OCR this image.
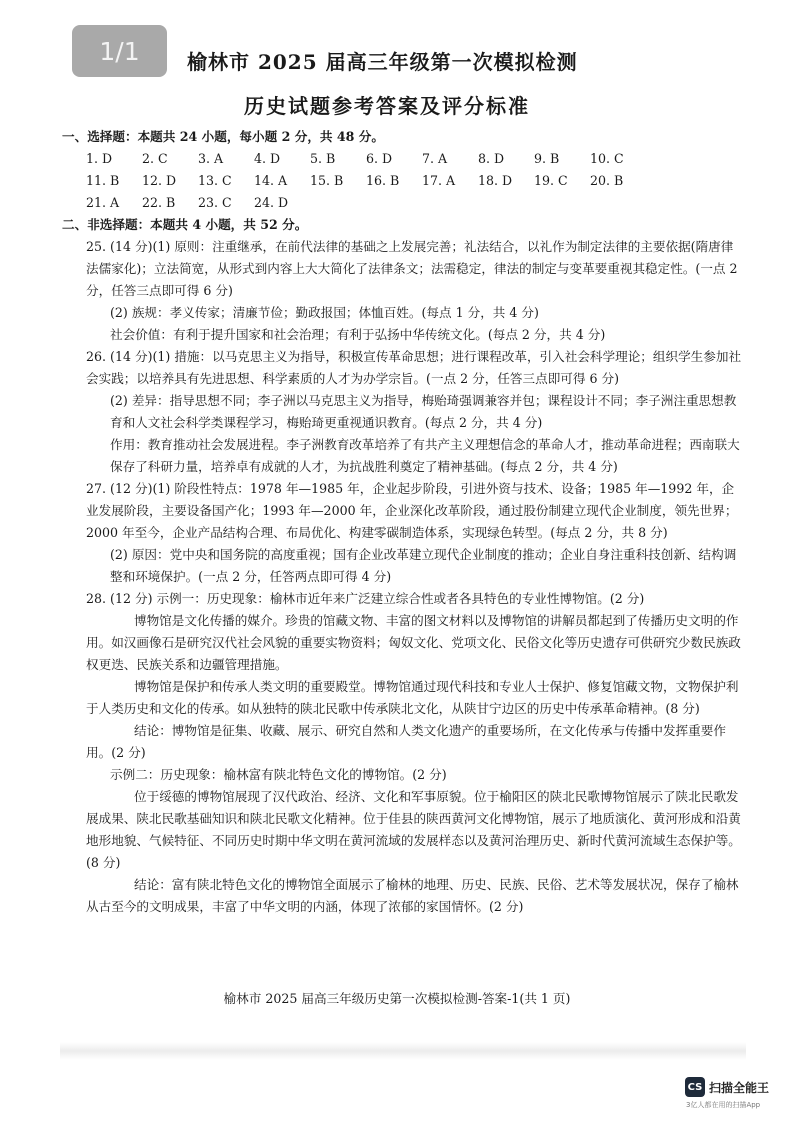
1/1	榆林市 2025 届高三年级第一次模拟检测
历史试题参考答案及评分标准
一、选择题：本题共 24 小题，每小题 2 分，共 48 分。
1. D	2. C	3. A	4. D	5. B	6. D	7. A	8. D	9. B	10. C
11. B	12. D	13. C	14. A	15. B	16. B	17. A	18. D	19. C	20. B
21. A	22. B	23. C	24. D
二、非选择题：本题共 4 小题，共 52 分。

25. (14 分)(1) 原则：注重继承，在前代法律的基础之上发展完善；礼法结合，以礼作为制定法律的主要依据(隋唐律法儒家化)；立法简宽，从形式到内容上大大简化了法律条文；法需稳定，律法的制定与变革要重视其稳定性。(一点 2 分，任答三点即可得 6 分)

(2) 族规：孝义传家；清廉节俭；勤政报国；体恤百姓。(每点 1 分，共 4 分)

社会价值：有利于提升国家和社会治理；有利于弘扬中华传统文化。(每点 2 分，共 4 分)

26. (14 分)(1) 措施：以马克思主义为指导，积极宣传革命思想；进行课程改革，引入社会科学理论；组织学生参加社会实践；以培养具有先进思想、科学素质的人才为办学宗旨。(一点 2 分，任答三点即可得 6 分)

(2) 差异：指导思想不同；李子洲以马克思主义为指导，梅贻琦强调兼容并包；课程设计不同；李子洲注重思想教育和人文社会科学类课程学习，梅贻琦更重视通识教育。(每点 2 分，共 4 分)

作用：教育推动社会发展进程。李子洲教育改革培养了有共产主义理想信念的革命人才，推动革命进程；西南联大保存了科研力量，培养卓有成就的人才，为抗战胜利奠定了精神基础。(每点 2 分，共 4 分)

27. (12 分)(1) 阶段性特点：1978 年—1985 年，企业起步阶段，引进外资与技术、设备；1985 年—1992 年，企业发展阶段，主要设备国产化；1993 年—2000 年，企业深化改革阶段，通过股份制建立现代企业制度，领先世界；2000 年至今，企业产品结构合理、布局优化、构建零碳制造体系，实现绿色转型。(每点 2 分，共 8 分)

(2) 原因：党中央和国务院的高度重视；国有企业改革建立现代企业制度的推动；企业自身注重科技创新、结构调整和环境保护。(一点 2 分，任答两点即可得 4 分)

28. (12 分) 示例一：历史现象：榆林市近年来广泛建立综合性或者各具特色的专业性博物馆。(2 分)

博物馆是文化传播的媒介。珍贵的馆藏文物、丰富的图文材料以及博物馆的讲解员都起到了传播历史文明的作用。如汉画像石是研究汉代社会风貌的重要实物资料；匈奴文化、党项文化、民俗文化等历史遗存可供研究少数民族政权更迭、民族关系和边疆管理措施。

博物馆是保护和传承人类文明的重要殿堂。博物馆通过现代科技和专业人士保护、修复馆藏文物，文物保护利于人类历史和文化的传承。如从独特的陕北民歌中传承陕北文化，从陕甘宁边区的历史中传承革命精神。(8 分)

结论：博物馆是征集、收藏、展示、研究自然和人类文化遗产的重要场所，在文化传承与传播中发挥重要作用。(2 分)

示例二：历史现象：榆林富有陕北特色文化的博物馆。(2 分)

位于绥德的博物馆展现了汉代政治、经济、文化和军事原貌。位于榆阳区的陕北民歌博物馆展示了陕北民歌发展成果、陕北民歌基础知识和陕北民歌文化精神。位于佳县的陕西黄河文化博物馆，展示了地质演化、黄河形成和沿黄地形地貌、气候特征、不同历史时期中华文明在黄河流域的发展样态以及黄河治理历史、新时代黄河流域生态保护等。(8 分)

结论：富有陕北特色文化的博物馆全面展示了榆林的地理、历史、民族、民俗、艺术等发展状况，保存了榆林从古至今的文明成果，丰富了中华文明的内涵，体现了浓郁的家国情怀。(2 分)

榆林市 2025 届高三年级历史第一次模拟检测-答案-1(共 1 页)
CS 扫描全能王
3亿人都在用的扫描App
